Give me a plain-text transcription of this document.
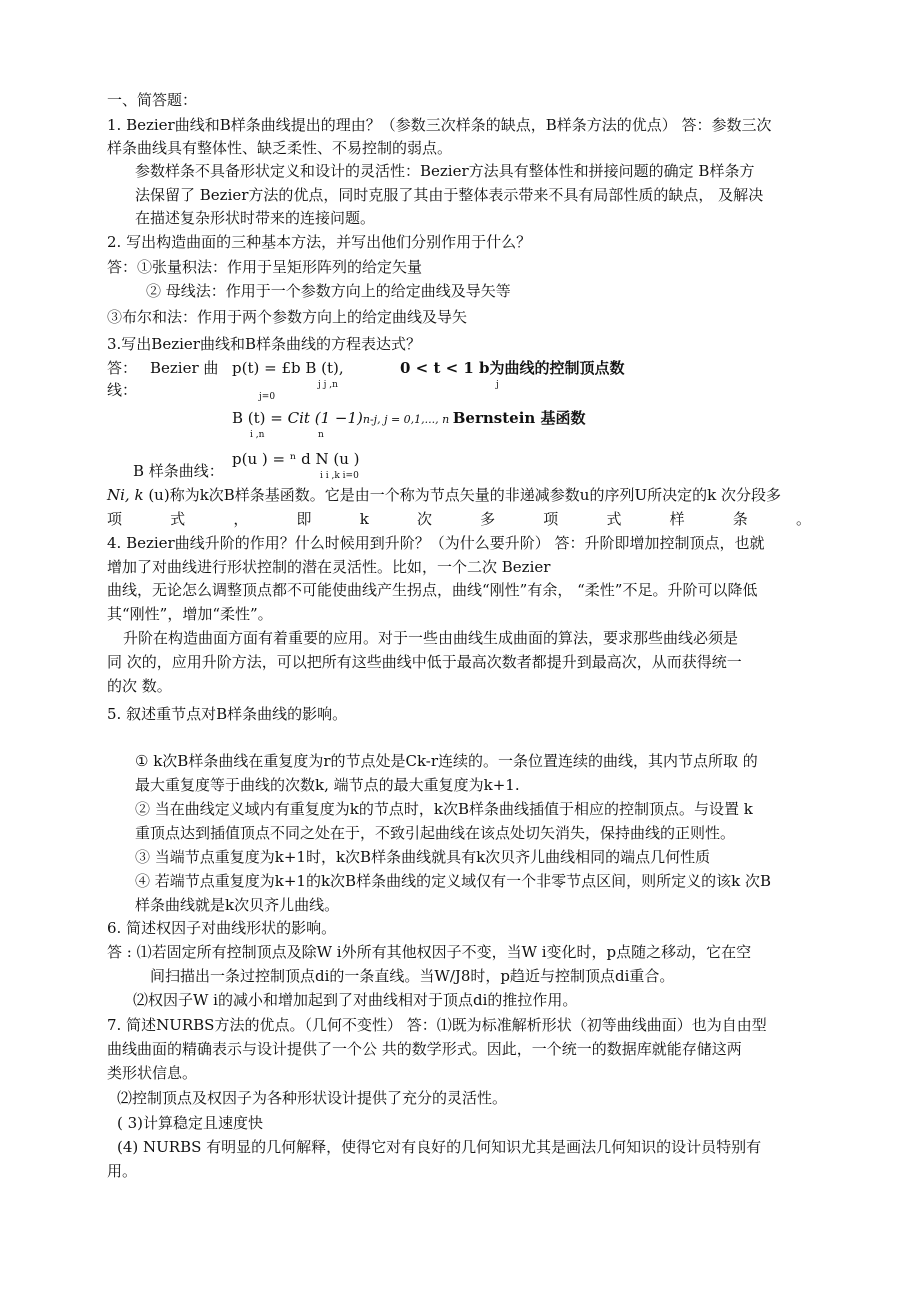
一、简答题：
1. Bezier曲线和B样条曲线提出的理由？（参数三次样条的缺点，B样条方法的优点） 答：参数三次
样条曲线具有整体性、缺乏柔性、不易控制的弱点。
参数样条不具备形状定义和设计的灵活性：Bezier方法具有整体性和拼接问题的确定 B样条方
法保留了 Bezier方法的优点，同时克服了其由于整体表示带来不具有局部性质的缺点， 及解决
在描述复杂形状时带来的连接问题。
2. 写出构造曲面的三种基本方法，并写出他们分别作用于什么？
答：①张量积法：作用于呈矩形阵列的给定矢量
② 母线法：作用于一个参数方向上的给定曲线及导矢等
③布尔和法：作用于两个参数方向上的给定曲线及导矢
3.写出Bezier曲线和B样条曲线的方程表达式？
答： Bezier 曲
线：
p(t) = £b B (t),
j j ,n
j=0
0 < t < 1 b为曲线的控制顶点数
j
B (t) = Cit (1 −1)n-j, j = 0,1,..., n Bernstein 基函数
i ,n	n
p(u ) = ⁿ d N (u )
B 样条曲线：	i i ,k i=0
Ni, k (u)称为k次B样条基函数。它是由一个称为节点矢量的非递减参数u的序列U所决定的k 次分段多
项	式	，	即	k	次	多	项	式	样	条	。
4. Bezier曲线升阶的作用？什么时候用到升阶？（为什么要升阶） 答：升阶即增加控制顶点，也就
增加了对曲线进行形状控制的潜在灵活性。比如，一个二次 Bezier
曲线，无论怎么调整顶点都不可能使曲线产生拐点，曲线“刚性”有余， “柔性”不足。升阶可以降低
其“刚性”，增加“柔性”。
升阶在构造曲面方面有着重要的应用。对于一些由曲线生成曲面的算法，要求那些曲线必须是
同 次的，应用升阶方法，可以把所有这些曲线中低于最高次数者都提升到最高次，从而获得统一
的次 数。
5. 叙述重节点对B样条曲线的影响。
① k次B样条曲线在重复度为r的节点处是Ck-r连续的。一条位置连续的曲线，其内节点所取 的
最大重复度等于曲线的次数k, 端节点的最大重复度为k+1.
② 当在曲线定义域内有重复度为k的节点时，k次B样条曲线插值于相应的控制顶点。与设置 k
重顶点达到插值顶点不同之处在于，不致引起曲线在该点处切矢消失，保持曲线的正则性。
③ 当端节点重复度为k+1时，k次B样条曲线就具有k次贝齐儿曲线相同的端点几何性质
④ 若端节点重复度为k+1的k次B样条曲线的定义域仅有一个非零节点区间，则所定义的该k 次B
样条曲线就是k次贝齐儿曲线。
6. 简述权因子对曲线形状的影响。
答 : ⑴若固定所有控制顶点及除W i外所有其他权因子不变，当W i变化时，p点随之移动，它在空
间扫描出一条过控制顶点di的一条直线。当W/J8时，p趋近与控制顶点di重合。
⑵权因子W i的减小和增加起到了对曲线相对于顶点di的推拉作用。
7. 简述NURBS方法的优点。（几何不变性） 答：⑴既为标准解析形状（初等曲线曲面）也为自由型
曲线曲面的精确表示与设计提供了一个公 共的数学形式。因此，一个统一的数据库就能存储这两
类形状信息。
⑵控制顶点及权因子为各种形状设计提供了充分的灵活性。
( 3)计算稳定且速度快
(4) NURBS 有明显的几何解释，使得它对有良好的几何知识尤其是画法几何知识的设计员特别有
用。
